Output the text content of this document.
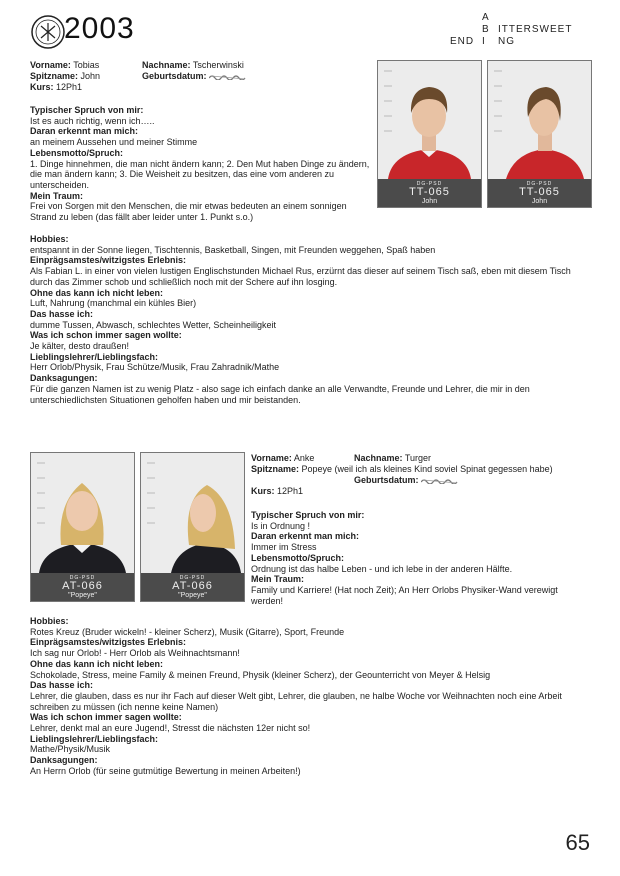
2003	A
B ITTERSWEET
END I NG
Vorname: Tobias	Nachname: Tscherwinski
Spitzname: John	Geburtsdatum:
Kurs: 12Ph1
Typischer Spruch von mir:
Ist es auch richtig, wenn ich…..
Daran erkennt man mich:
an meinem Aussehen und meiner Stimme
Lebensmotto/Spruch:
1. Dinge hinnehmen, die man nicht ändern kann; 2. Den Mut haben Dinge zu ändern, die man ändern kann; 3. Die Weisheit zu besitzen, das eine vom anderen zu unterscheiden.
Mein Traum:
Frei von Sorgen mit den Menschen, die mir etwas bedeuten an einem sonnigen Strand zu leben (das fällt aber leider unter 1. Punkt s.o.)
Hobbies:
entspannt in der Sonne liegen, Tischtennis, Basketball, Singen, mit Freunden weggehen, Spaß haben
Einprägsamstes/witzigstes Erlebnis:
Als Fabian L. in einer von vielen lustigen Englischstunden Michael Rus, erzürnt das dieser auf seinem Tisch saß, eben mit diesem Tisch durch das Zimmer schob und schließlich noch mit der Schere auf ihn losging.
Ohne das kann ich nicht leben:
Luft, Nahrung (manchmal ein kühles Bier)
Das hasse ich:
dumme Tussen, Abwasch, schlechtes Wetter, Scheinheiligkeit
Was ich schon immer sagen wollte:
Je kälter, desto draußen!
Lieblingslehrer/Lieblingsfach:
Herr Orlob/Physik, Frau Schütze/Musik, Frau Zahradnik/Mathe
Danksagungen:
Für die ganzen Namen ist zu wenig Platz - also sage ich einfach danke an alle Verwandte, Freunde und Lehrer, die mir in den unterschiedlichsten Situationen geholfen haben und mir beistanden.
DG-PSD
TT-065
John
DG-PSD
TT-065
John
DG-PSD
AT-066
"Popeye"
DG-PSD
AT-066
"Popeye"
Vorname: Anke	Nachname: Turger
Spitzname: Popeye (weil ich als kleines Kind soviel Spinat gegessen habe)
Geburtsdatum:
Kurs: 12Ph1
Typischer Spruch von mir:
Is in Ordnung !
Daran erkennt man mich:
Immer im Stress
Lebensmotto/Spruch:
Ordnung ist das halbe Leben - und ich lebe in der anderen Hälfte.
Mein Traum:
Family und Karriere! (Hat noch Zeit); An Herr Orlobs Physiker-Wand verewigt werden!
Hobbies:
Rotes Kreuz (Bruder wickeln! - kleiner Scherz), Musik (Gitarre), Sport, Freunde
Einprägsamstes/witzigstes Erlebnis:
Ich sag nur Orlob! - Herr Orlob als Weihnachtsmann!
Ohne das kann ich nicht leben:
Schokolade, Stress, meine Family & meinen Freund, Physik (kleiner Scherz), der Geounterricht von Meyer & Helsig
Das hasse ich:
Lehrer, die glauben, dass es nur ihr Fach auf dieser Welt gibt, Lehrer, die glauben, ne halbe Woche vor Weihnachten noch eine Arbeit schreiben zu müssen (ich nenne keine Namen)
Was ich schon immer sagen wollte:
Lehrer, denkt mal an eure Jugend!, Stresst die nächsten 12er nicht so!
Lieblingslehrer/Lieblingsfach:
Mathe/Physik/Musik
Danksagungen:
An Herrn Orlob (für seine gutmütige Bewertung in meinen Arbeiten!)
65
